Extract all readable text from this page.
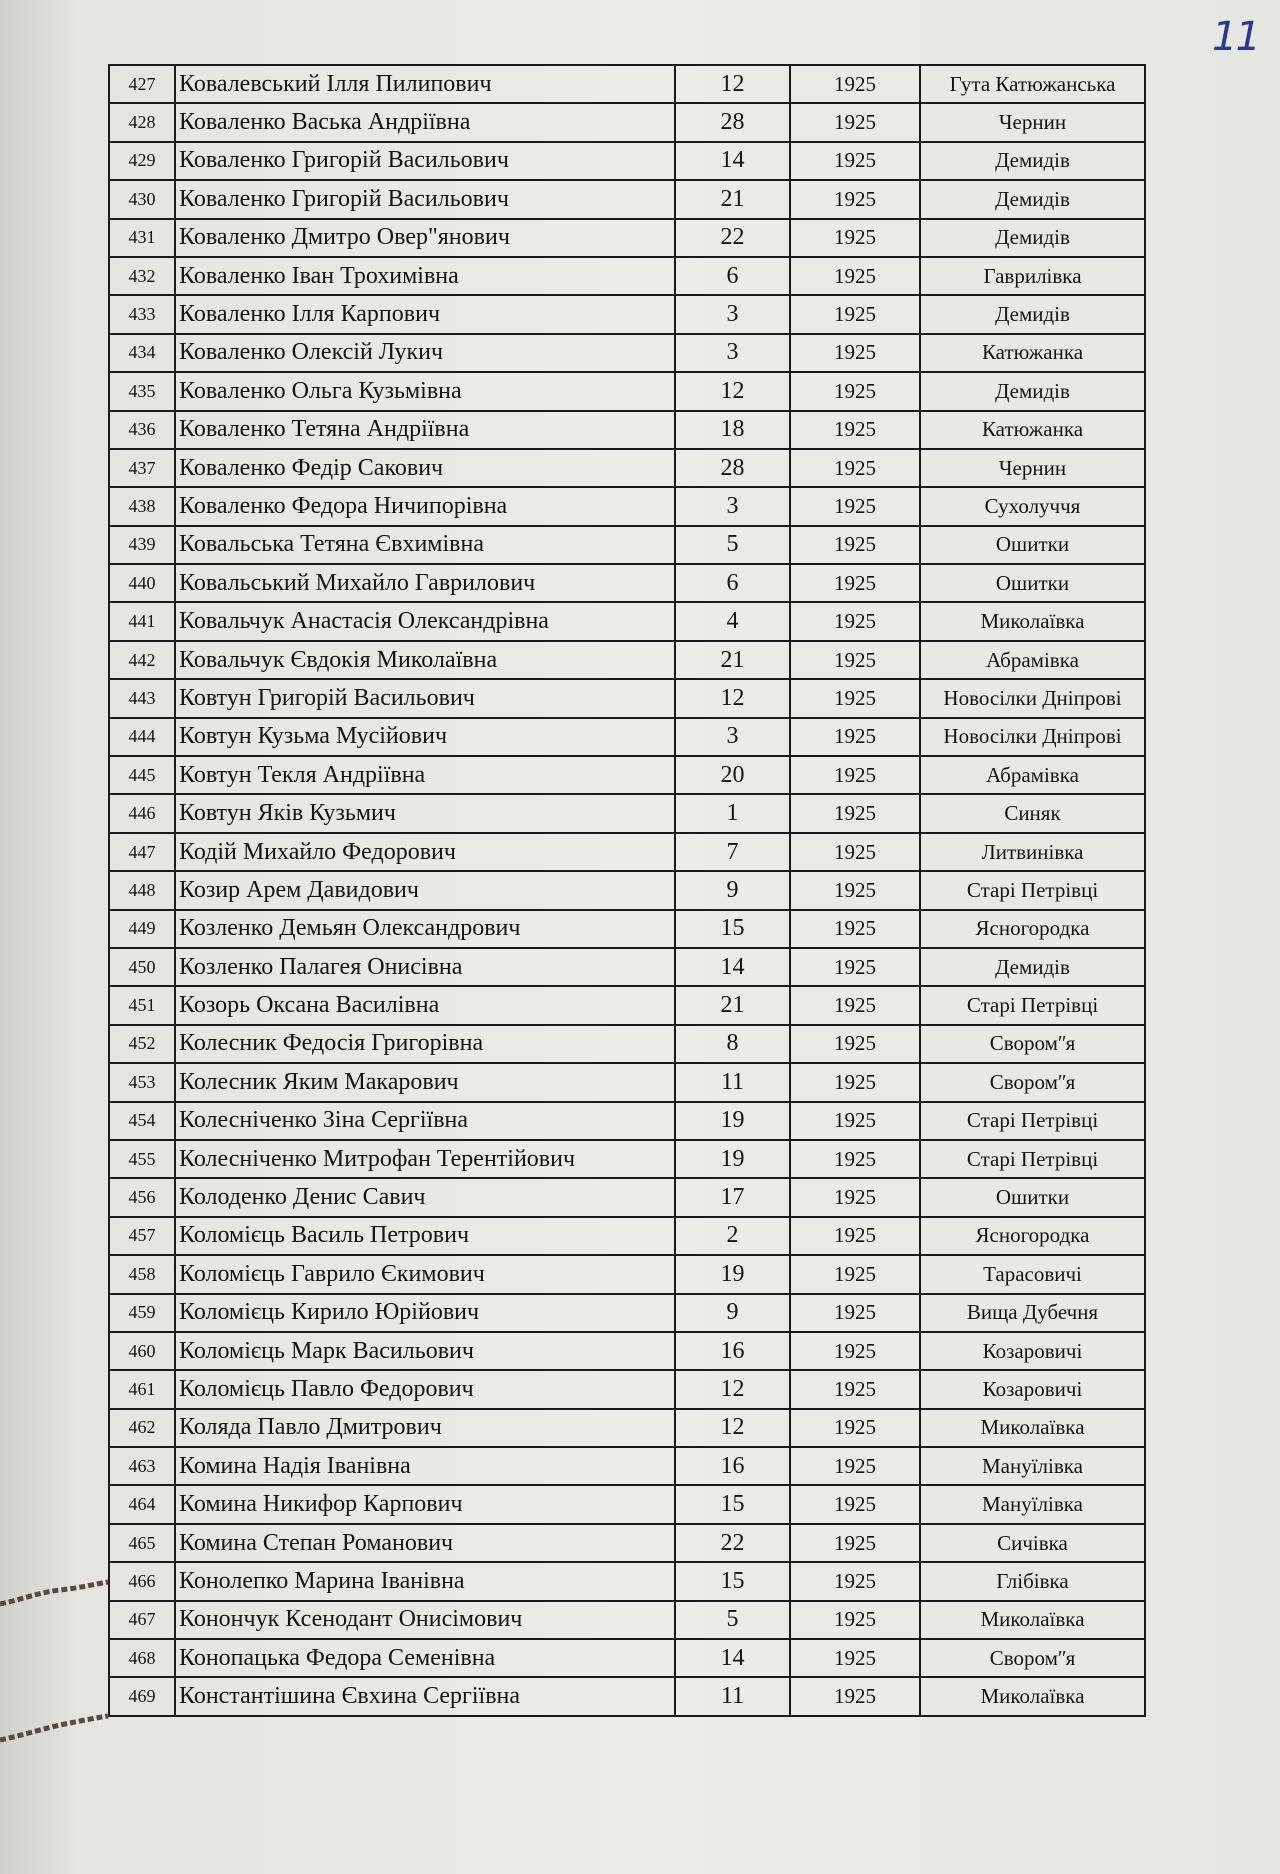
11
427	Ковалевський Ілля Пилипович	12	1925	Гута Катюжанська
428	Коваленко Васька Андріївна	28	1925	Чернин
429	Коваленко Григорій Васильович	14	1925	Демидів
430	Коваленко Григорій Васильович	21	1925	Демидів
431	Коваленко Дмитро Овер"янович	22	1925	Демидів
432	Коваленко Іван Трохимівна	6	1925	Гаврилівка
433	Коваленко Ілля Карпович	3	1925	Демидів
434	Коваленко Олексій Лукич	3	1925	Катюжанка
435	Коваленко Ольга Кузьмівна	12	1925	Демидів
436	Коваленко Тетяна Андріївна	18	1925	Катюжанка
437	Коваленко Федір Сакович	28	1925	Чернин
438	Коваленко Федора Ничипорівна	3	1925	Сухолуччя
439	Ковальська Тетяна Євхимівна	5	1925	Ошитки
440	Ковальський Михайло Гаврилович	6	1925	Ошитки
441	Ковальчук Анастасія Олександрівна	4	1925	Миколаївка
442	Ковальчук Євдокія Миколаївна	21	1925	Абрамівка
443	Ковтун Григорій Васильович	12	1925	Новосілки Дніпрові
444	Ковтун Кузьма Мусійович	3	1925	Новосілки Дніпрові
445	Ковтун Текля Андріївна	20	1925	Абрамівка
446	Ковтун Яків Кузьмич	1	1925	Синяк
447	Кодій Михайло Федорович	7	1925	Литвинівка
448	Козир Арем Давидович	9	1925	Старі Петрівці
449	Козленко Демьян Олександрович	15	1925	Ясногородка
450	Козленко Палагея Онисівна	14	1925	Демидів
451	Козорь Оксана Василівна	21	1925	Старі Петрівці
452	Колесник Федосія Григорівна	8	1925	Своромʺя
453	Колесник Яким Макарович	11	1925	Своромʺя
454	Колесніченко Зіна Сергіївна	19	1925	Старі Петрівці
455	Колесніченко Митрофан Терентійович	19	1925	Старі Петрівці
456	Колоденко Денис Савич	17	1925	Ошитки
457	Коломієць Василь Петрович	2	1925	Ясногородка
458	Коломієць Гаврило Єкимович	19	1925	Тарасовичі
459	Коломієць Кирило Юрійович	9	1925	Вища Дубечня
460	Коломієць Марк Васильович	16	1925	Козаровичі
461	Коломієць Павло Федорович	12	1925	Козаровичі
462	Коляда Павло Дмитрович	12	1925	Миколаївка
463	Комина Надія Іванівна	16	1925	Мануїлівка
464	Комина Никифор Карпович	15	1925	Мануїлівка
465	Комина Степан Романович	22	1925	Сичівка
466	Конолепко Марина Іванівна	15	1925	Глібівка
467	Конончук Ксенодант Онисімович	5	1925	Миколаївка
468	Конопацька Федора Семенівна	14	1925	Своромʺя
469	Константішина Євхина Сергіївна	11	1925	Миколаївка
